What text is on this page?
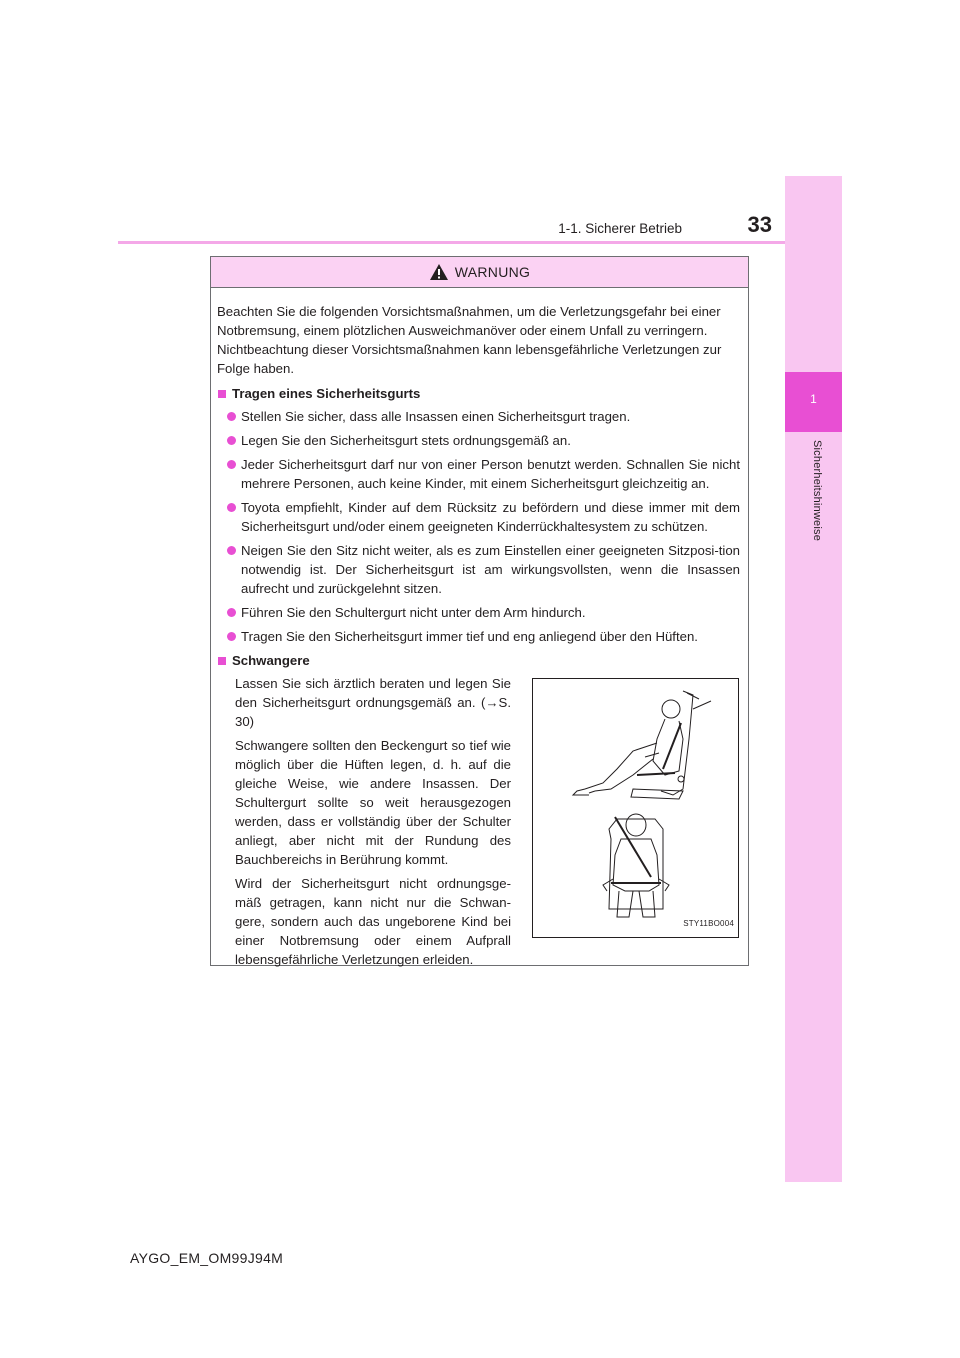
1
Sicherheitshinweise
1-1. Sicherer Betrieb	33
WARNUNG

Beachten Sie die folgenden Vorsichtsmaßnahmen, um die Verletzungsgefahr bei einer Notbremsung, einem plötzlichen Ausweichmanöver oder einem Unfall zu verringern. Nichtbeachtung dieser Vorsichtsmaßnahmen kann lebensgefährliche Verletzungen zur Folge haben.

Tragen eines Sicherheitsgurts
Stellen Sie sicher, dass alle Insassen einen Sicherheitsgurt tragen.
Legen Sie den Sicherheitsgurt stets ordnungsgemäß an.
Jeder Sicherheitsgurt darf nur von einer Person benutzt werden. Schnallen Sie nicht mehrere Personen, auch keine Kinder, mit einem Sicherheitsgurt gleichzeitig an.
Toyota empfiehlt, Kinder auf dem Rücksitz zu befördern und diese immer mit dem Sicherheitsgurt und/oder einem geeigneten Kinderrückhaltesystem zu schützen.
Neigen Sie den Sitz nicht weiter, als es zum Einstellen einer geeigneten Sitzposi-tion notwendig ist. Der Sicherheitsgurt ist am wirkungsvollsten, wenn die Insassen aufrecht und zurückgelehnt sitzen.
Führen Sie den Schultergurt nicht unter dem Arm hindurch.
Tragen Sie den Sicherheitsgurt immer tief und eng anliegend über den Hüften.
Schwangere

Lassen Sie sich ärztlich beraten und legen Sie den Sicherheitsgurt ordnungsgemäß an. (→S. 30)

Schwangere sollten den Beckengurt so tief wie möglich über die Hüften legen, d. h. auf die gleiche Weise, wie andere Insassen. Der Schultergurt sollte so weit herausgezogen werden, dass er vollständig über der Schulter anliegt, aber nicht mit der Rundung des Bauchbereichs in Berührung kommt.

Wird der Sicherheitsgurt nicht ordnungsge-mäß getragen, kann nicht nur die Schwan-gere, sondern auch das ungeborene Kind bei einer Notbremsung oder einem Aufprall lebensgefährliche Verletzungen erleiden.

STY11BO004
AYGO_EM_OM99J94M
